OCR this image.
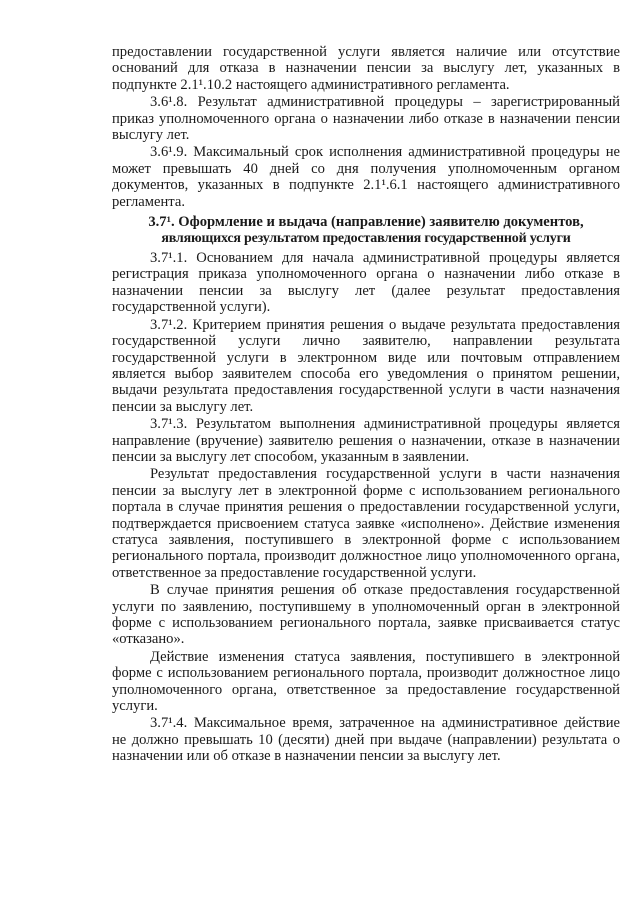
предоставлении государственной услуги является наличие или отсутствие оснований для отказа в назначении пенсии за выслугу лет, указанных в подпункте 2.1¹.10.2 настоящего административного регламента.

3.6¹.8. Результат административной процедуры – зарегистрированный приказ уполномоченного органа о назначении либо отказе в назначении пенсии выслугу лет.

3.6¹.9. Максимальный срок исполнения административной процедуры не может превышать 40 дней со дня получения уполномоченным органом документов, указанных в подпункте 2.1¹.6.1 настоящего административного регламента.

3.7¹. Оформление и выдача (направление) заявителю документов,
являющихся результатом предоставления государственной услуги

3.7¹.1. Основанием для начала административной процедуры является регистрация приказа уполномоченного органа о назначении либо отказе в назначении пенсии за выслугу лет (далее результат предоставления государственной услуги).

3.7¹.2. Критерием принятия решения о выдаче результата предоставления государственной услуги лично заявителю, направлении результата государственной услуги в электронном виде или почтовым отправлением является выбор заявителем способа его уведомления о принятом решении, выдачи результата предоставления государственной услуги в части назначения пенсии за выслугу лет.

3.7¹.3. Результатом выполнения административной процедуры является направление (вручение) заявителю решения о назначении, отказе в назначении пенсии за выслугу лет способом, указанным в заявлении.

Результат предоставления государственной услуги в части назначения пенсии за выслугу лет в электронной форме с использованием регионального портала в случае принятия решения о предоставлении государственной услуги, подтверждается присвоением статуса заявке «исполнено». Действие изменения статуса заявления, поступившего в электронной форме с использованием регионального портала, производит должностное лицо уполномоченного органа, ответственное за предоставление государственной услуги.

В случае принятия решения об отказе предоставления государственной услуги по заявлению, поступившему в уполномоченный орган в электронной форме с использованием регионального портала, заявке присваивается статус «отказано».

Действие изменения статуса заявления, поступившего в электронной форме с использованием регионального портала, производит должностное лицо уполномоченного органа, ответственное за предоставление государственной услуги.

3.7¹.4. Максимальное время, затраченное на административное действие не должно превышать 10 (десяти) дней при выдаче (направлении) результата о назначении или об отказе в назначении пенсии за выслугу лет.
